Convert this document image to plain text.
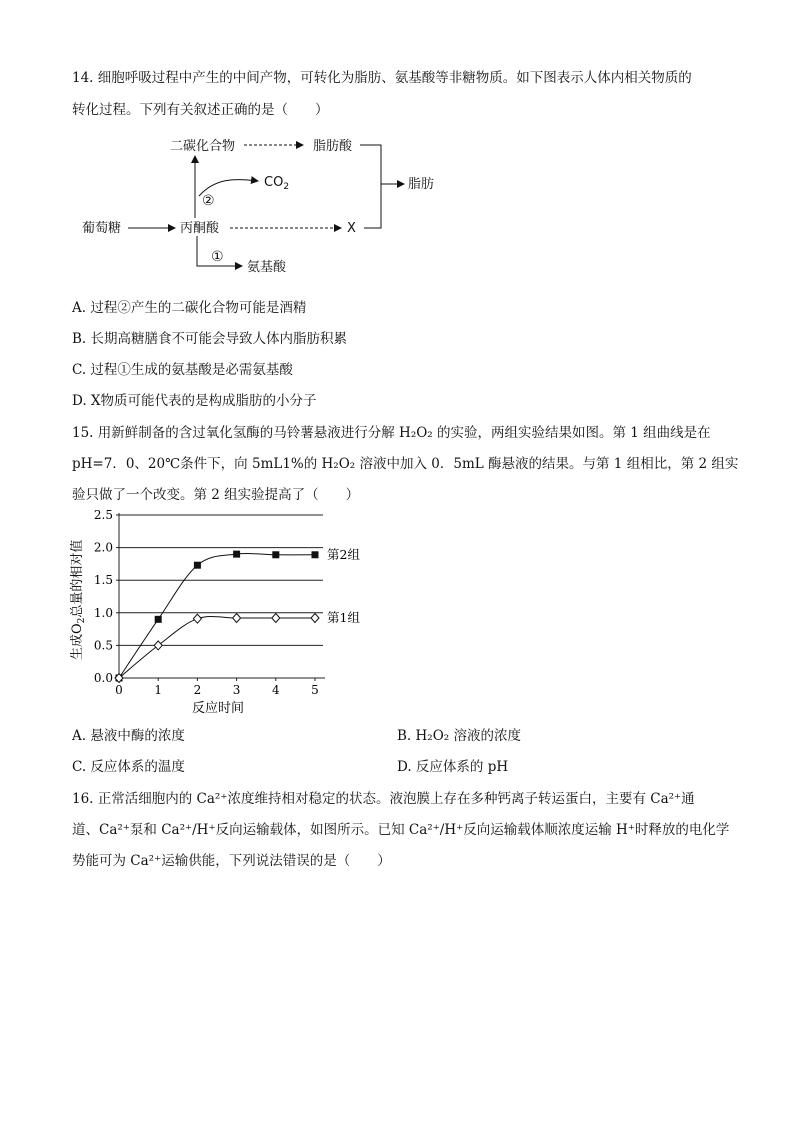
14. 细胞呼吸过程中产生的中间产物，可转化为脂肪、氨基酸等非糖物质。如下图表示人体内相关物质的
转化过程。下列有关叙述正确的是（　　）
二碳化合物	脂肪酸
$CO_2$	脂肪
葡萄糖	丙酮酸	X
氨基酸
①
②
A. 过程②产生的二碳化合物可能是酒精
B. 长期高糖膳食不可能会导致人体内脂肪积累
C. 过程①生成的氨基酸是必需氨基酸
D. X物质可能代表的是构成脂肪的小分子
15. 用新鲜制备的含过氧化氢酶的马铃薯悬液进行分解 H₂O₂ 的实验，两组实验结果如图。第 1 组曲线是在
pH=7．0、20℃条件下，向 5mL1%的 H₂O₂ 溶液中加入 0．5mL 酶悬液的结果。与第 1 组相比，第 2 组实
验只做了一个改变。第 2 组实验提高了（　　）
0.0
0.5
1.0
1.5
2.0
2.5
0	1	2	3	4	5
第2组
第1组
反应时间
生成$O_2$总量的相对值
A. 悬液中酶的浓度	B. H₂O₂ 溶液的浓度
C. 反应体系的温度	D. 反应体系的 pH
16. 正常活细胞内的 Ca²⁺浓度维持相对稳定的状态。液泡膜上存在多种钙离子转运蛋白，主要有 Ca²⁺通
道、Ca²⁺泵和 Ca²⁺/H⁺反向运输载体，如图所示。已知 Ca²⁺/H⁺反向运输载体顺浓度运输 H⁺时释放的电化学
势能可为 Ca²⁺运输供能，下列说法错误的是（　　）
